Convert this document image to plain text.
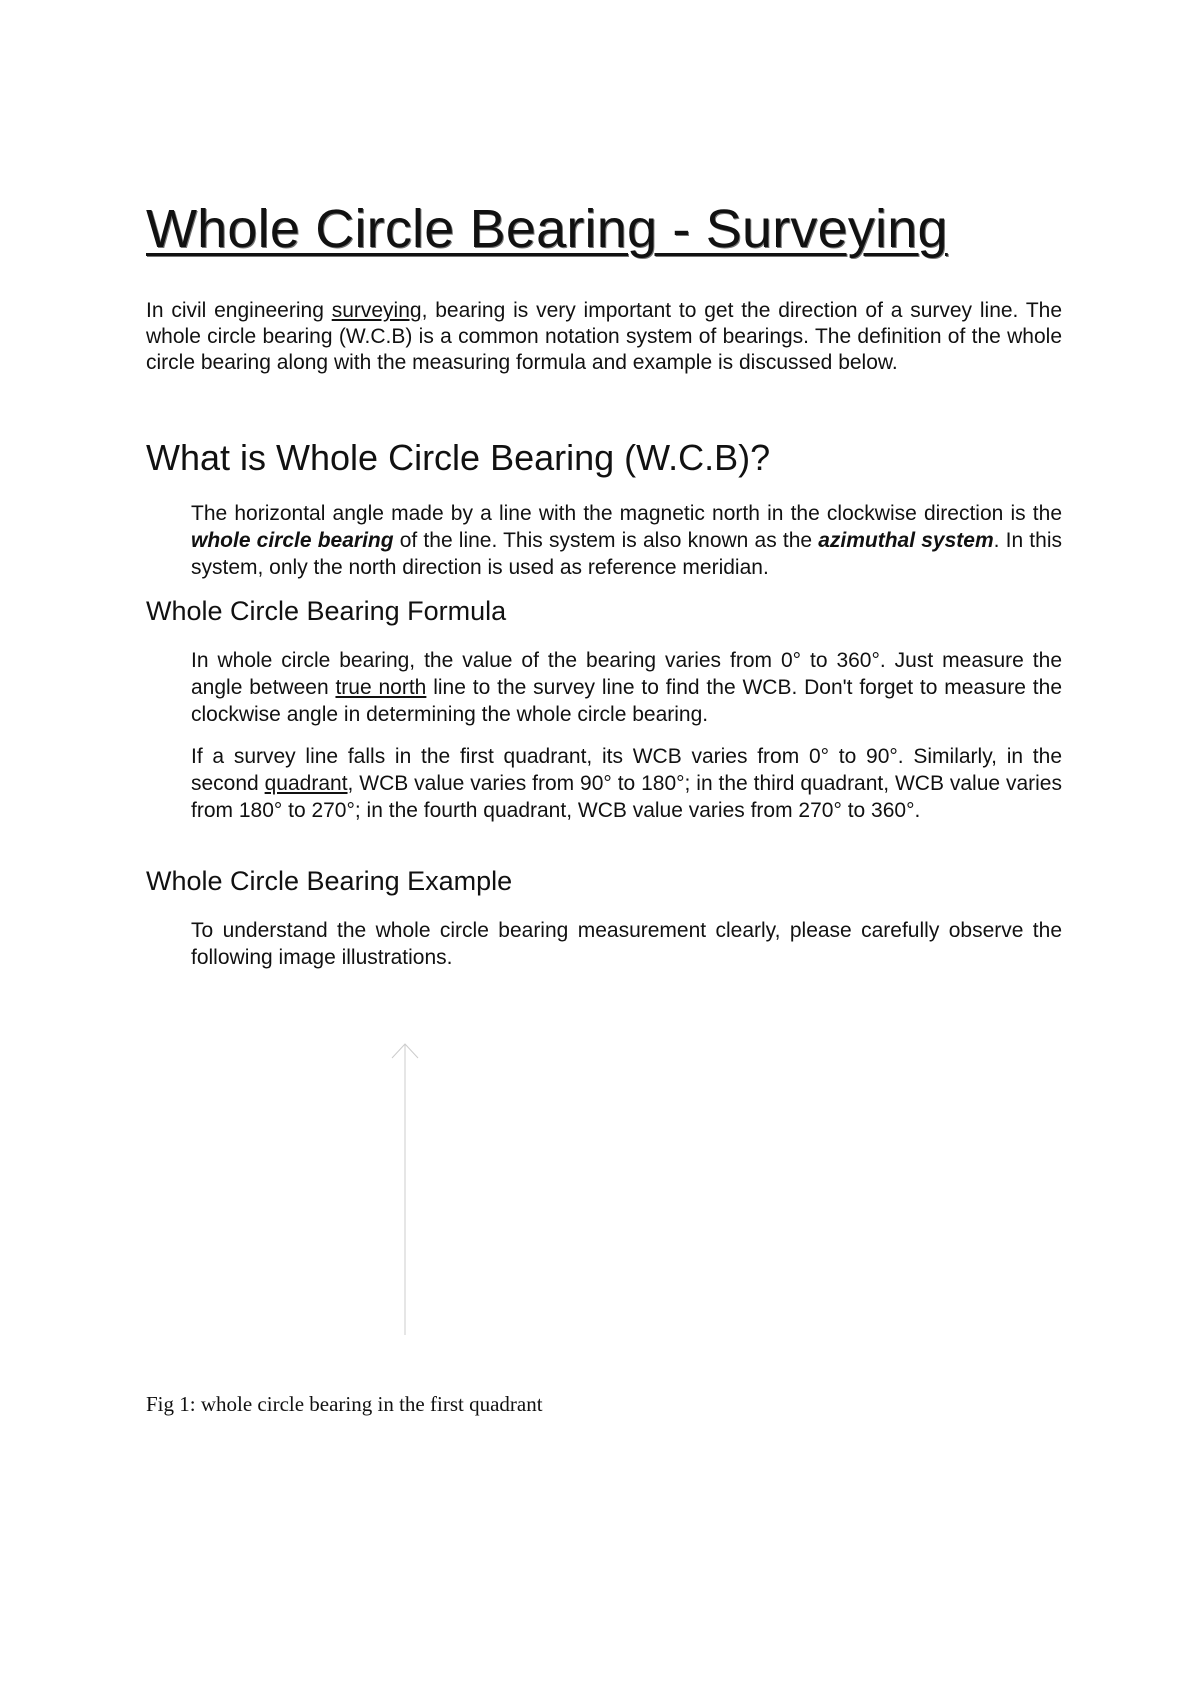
Whole Circle Bearing - Surveying

In civil engineering surveying, bearing is very important to get the direction of a survey line. The whole circle bearing (W.C.B) is a common notation system of bearings. The definition of the whole circle bearing along with the measuring formula and example is discussed below.

What is Whole Circle Bearing (W.C.B)?

The horizontal angle made by a line with the magnetic north in the clockwise direction is the whole circle bearing of the line. This system is also known as the azimuthal system. In this system, only the north direction is used as reference meridian.

Whole Circle Bearing Formula

In whole circle bearing, the value of the bearing varies from 0° to 360°. Just measure the angle between true north line to the survey line to find the WCB. Don't forget to measure the clockwise angle in determining the whole circle bearing.

If a survey line falls in the first quadrant, its WCB varies from 0° to 90°. Similarly, in the second quadrant, WCB value varies from 90° to 180°; in the third quadrant, WCB value varies from 180° to 270°; in the fourth quadrant, WCB value varies from 270° to 360°.

Whole Circle Bearing Example

To understand the whole circle bearing measurement clearly, please carefully observe the following image illustrations.

Fig 1: whole circle bearing in the first quadrant
